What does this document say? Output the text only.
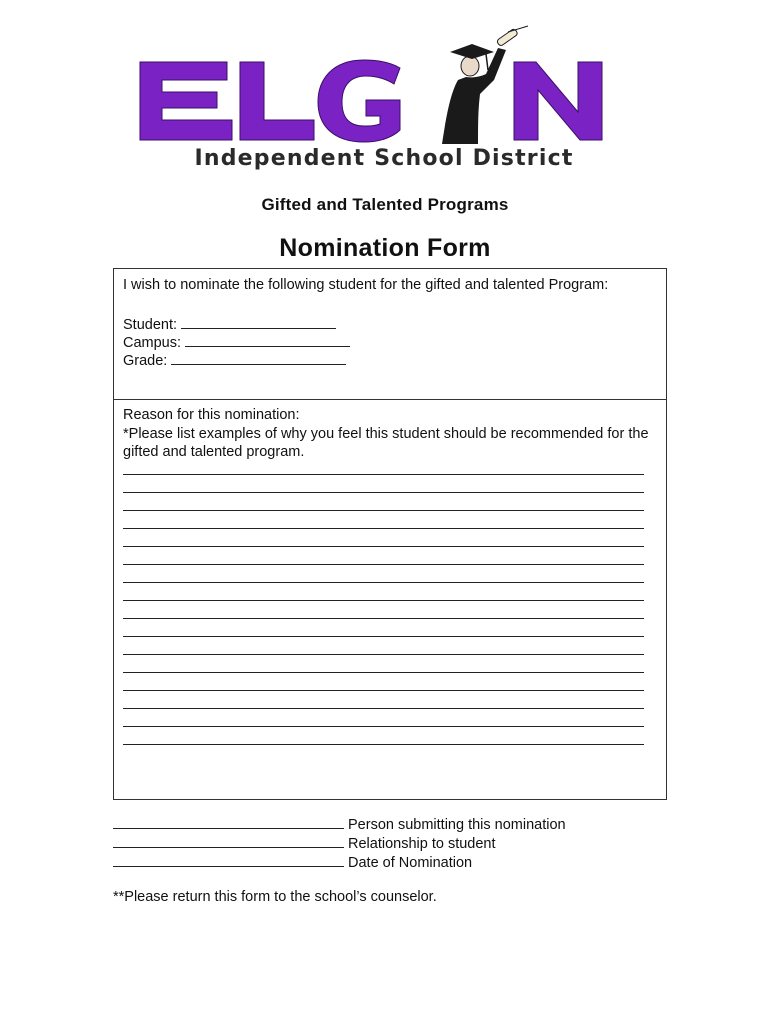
Independent School District
Gifted and Talented Programs
Nomination Form
I wish to nominate the following student for the gifted and talented Program:
Student:
Campus:
Grade:
Reason for this nomination:
*Please list examples of why you feel this student should be recommended for the gifted and talented program.
Person submitting this nomination
Relationship to student
Date of Nomination
**Please return this form to the school’s counselor.
